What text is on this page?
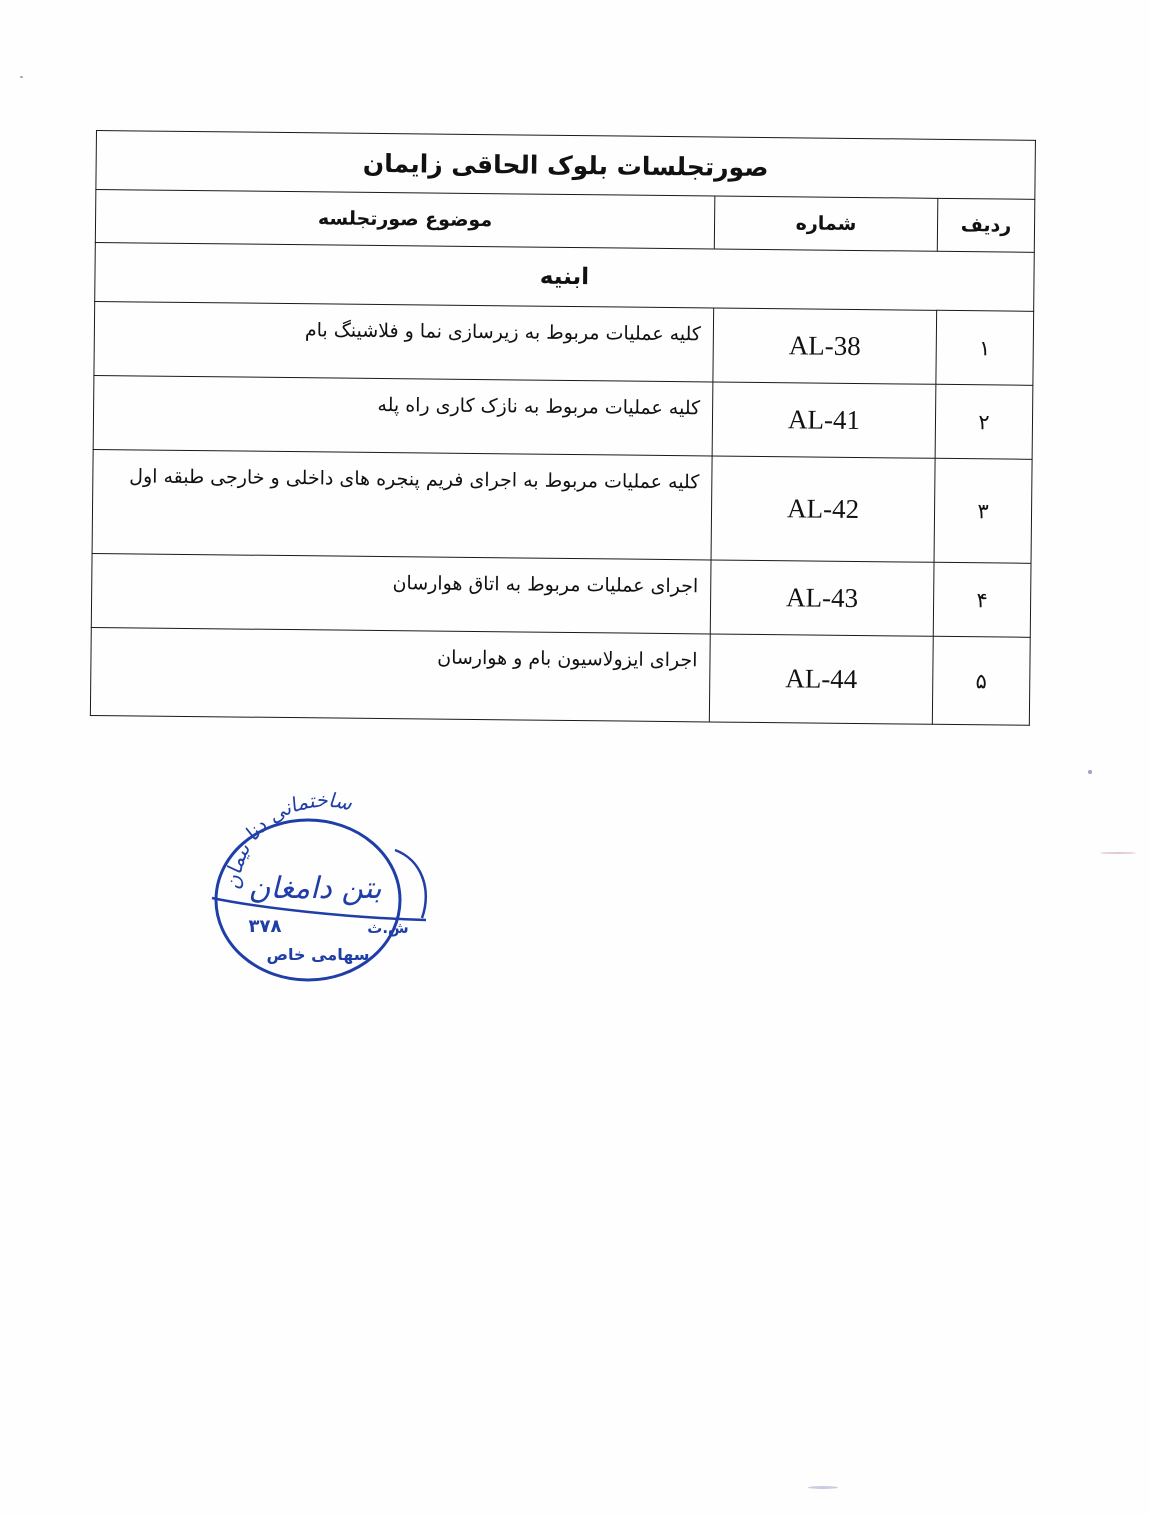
صورتجلسات بلوک الحاقی زایمان		
ردیف	شماره	موضوع صورتجلسه
ابنیه		
۱	AL-38	کلیه عملیات مربوط به زیرسازی نما و فلاشینگ بام
۲	AL-41	کلیه عملیات مربوط به نازک کاری راه پله
۳	AL-42	کلیه عملیات مربوط به اجرای فریم پنجره های داخلی و خارجی طبقه اول
۴	AL-43	اجرای عملیات مربوط به اتاق هوارسان
۵	AL-44	اجرای ایزولاسیون بام و هوارسان
ساختمانی دنا تیمان
بتن دامغان
ش.ث
۳۷۸
سهامی خاص
